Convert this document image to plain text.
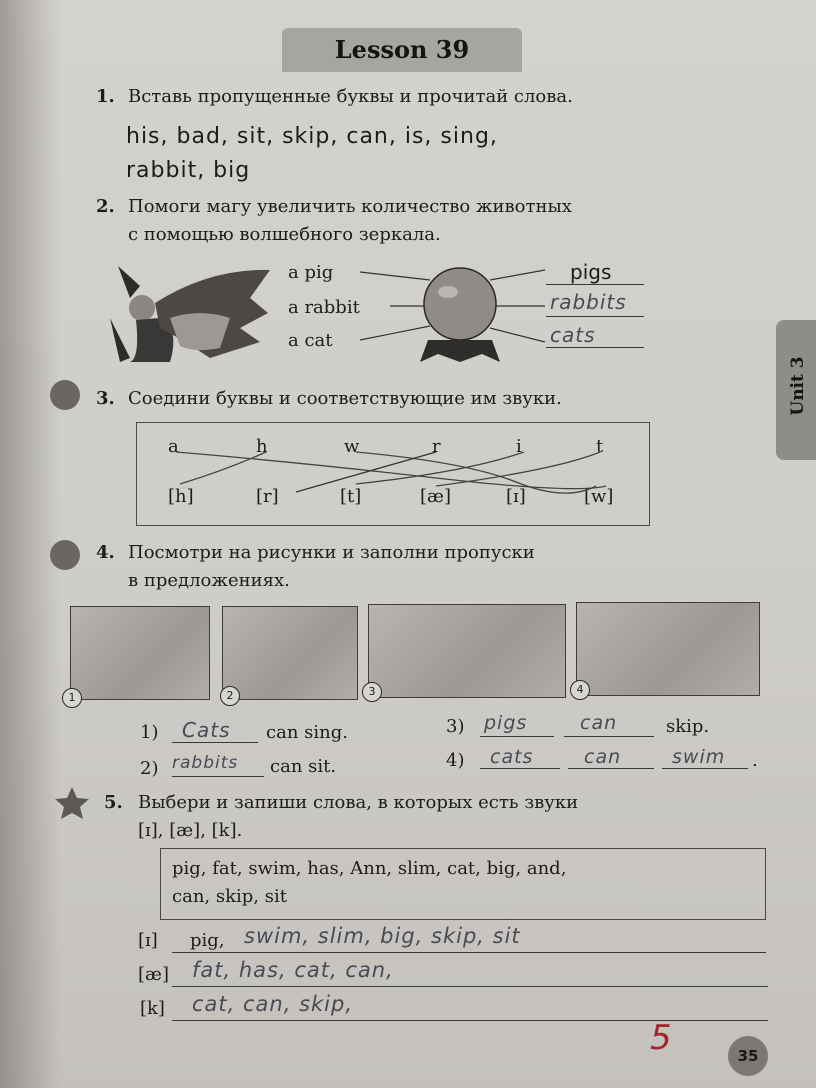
Lesson 39
Unit 3
1. Вставь пропущенные буквы и прочитай слова.
his, bad, sit, skip, can, is, sing,
rabbit, big
2. Помоги магу увеличить количество животных
с помощью волшебного зеркала.
a pig
a rabbit
a cat
pigs
rabbits
cats
3. Соедини буквы и соответствующие им звуки.
a	h	w	r	i	t
[h]	[r]	[t]	[æ]	[ɪ]	[w]
4. Посмотри на рисунки и заполни пропуски
в предложениях.
1	2	3	4
1) Cats can sing.
2) rabbits can sit.
3) pigs	can	skip.
4) cats	can	swim .
5. Выбери и запиши слова, в которых есть звуки
[ɪ], [æ], [k].
pig, fat, swim, has, Ann, slim, cat, big, and,
can, skip, sit
[ɪ] pig, swim, slim, big, skip, sit
[æ] fat, has, cat, can,
[k] cat, can, skip,
5	35
